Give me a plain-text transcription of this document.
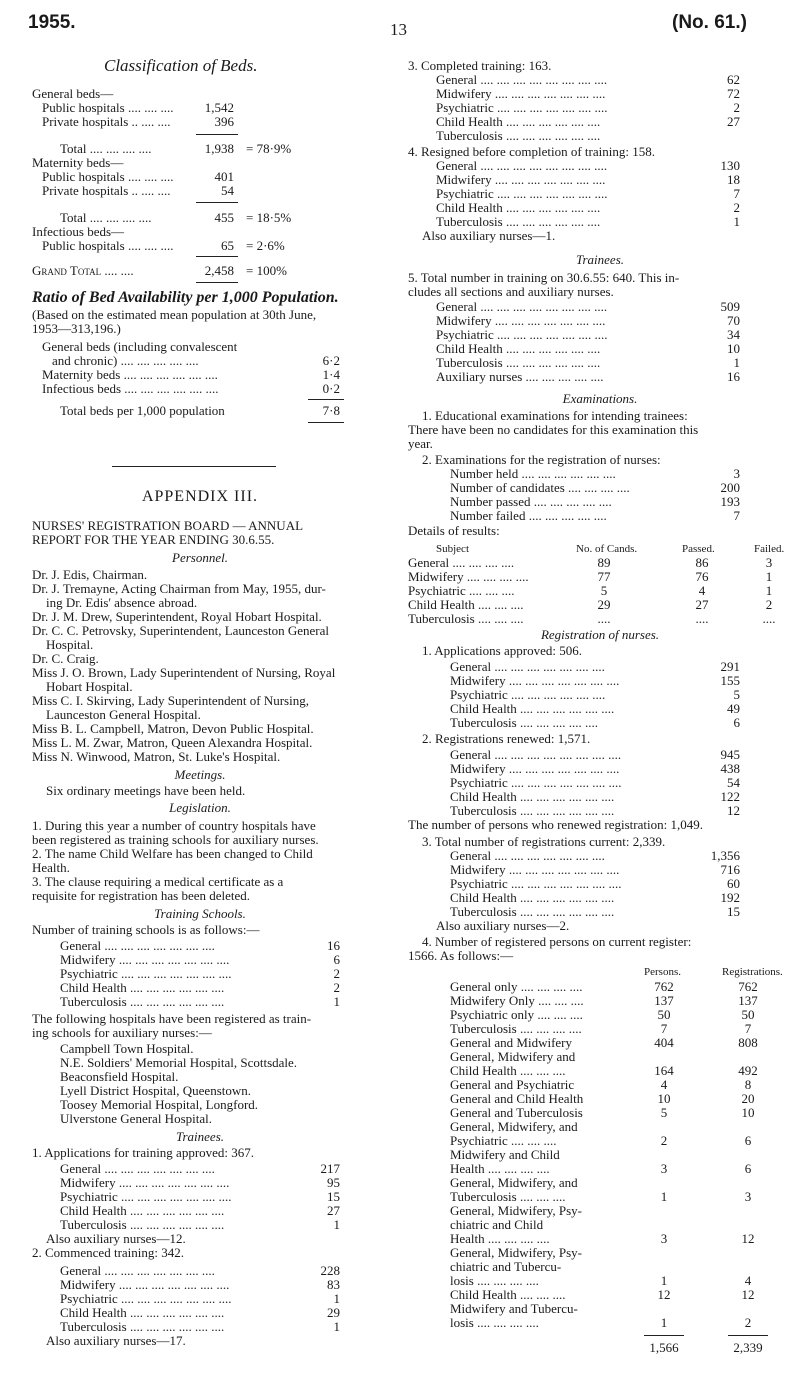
1955.	13	(No. 61.)
Classification of Beds.
General beds—
Public hospitals .... .... ....	1,542
Private hospitals .. .... ....	396
Total .... .... .... ....	1,938 = 78·9%
Maternity beds—
Public hospitals .... .... ....	401
Private hospitals .. .... ....	54
Total .... .... .... ....	455 = 18·5%
Infectious beds—
Public hospitals .... .... ....	65 = 2·6%
Grand Total .... ....	2,458 = 100%
Ratio of Bed Availability per 1,000 Population.
(Based on the estimated mean population at 30th June,
1953—313,196.)
General beds (including convalescent
and chronic) .... .... .... .... ....	6·2
Maternity beds .... .... .... .... .... ....	1·4
Infectious beds .... .... .... .... .... ....	0·2
Total beds per 1,000 population	7·8
APPENDIX III.
NURSES' REGISTRATION BOARD — ANNUAL
REPORT FOR THE YEAR ENDING 30.6.55.
Personnel.
Dr. J. Edis, Chairman.
Dr. J. Tremayne, Acting Chairman from May, 1955, dur-
ing Dr. Edis' absence abroad.
Dr. J. M. Drew, Superintendent, Royal Hobart Hospital.
Dr. C. C. Petrovsky, Superintendent, Launceston General
Hospital.
Dr. C. Craig.
Miss J. O. Brown, Lady Superintendent of Nursing, Royal
Hobart Hospital.
Miss C. I. Skirving, Lady Superintendent of Nursing,
Launceston General Hospital.
Miss B. L. Campbell, Matron, Devon Public Hospital.
Miss L. M. Zwar, Matron, Queen Alexandra Hospital.
Miss N. Winwood, Matron, St. Luke's Hospital.
Meetings.
Six ordinary meetings have been held.
Legislation.
1. During this year a number of country hospitals have
been registered as training schools for auxiliary nurses.
2. The name Child Welfare has been changed to Child
Health.
3. The clause requiring a medical certificate as a
requisite for registration has been deleted.
Training Schools.
Number of training schools is as follows:—
General .... .... .... .... .... .... ....	16
Midwifery .... .... .... .... .... .... ....	6
Psychiatric .... .... .... .... .... .... ....	2
Child Health .... .... .... .... .... ....	2
Tuberculosis .... .... .... .... .... ....	1
The following hospitals have been registered as train-
ing schools for auxiliary nurses:—
Campbell Town Hospital.
N.E. Soldiers' Memorial Hospital, Scottsdale.
Beaconsfield Hospital.
Lyell District Hospital, Queenstown.
Toosey Memorial Hospital, Longford.
Ulverstone General Hospital.
Trainees.
1. Applications for training approved: 367.
General .... .... .... .... .... .... ....	217
Midwifery .... .... .... .... .... .... ....	95
Psychiatric .... .... .... .... .... .... ....	15
Child Health .... .... .... .... .... ....	27
Tuberculosis .... .... .... .... .... ....	1
Also auxiliary nurses—12.
2. Commenced training: 342.
General .... .... .... .... .... .... ....	228
Midwifery .... .... .... .... .... .... ....	83
Psychiatric .... .... .... .... .... .... ....	1
Child Health .... .... .... .... .... ....	29
Tuberculosis .... .... .... .... .... ....	1
Also auxiliary nurses—17.
3. Completed training: 163.
General .... .... .... .... .... .... .... ....	62
Midwifery .... .... .... .... .... .... ....	72
Psychiatric .... .... .... .... .... .... ....	2
Child Health .... .... .... .... .... ....	27
Tuberculosis .... .... .... .... .... ....
4. Resigned before completion of training: 158.
General .... .... .... .... .... .... .... ....	130
Midwifery .... .... .... .... .... .... ....	18
Psychiatric .... .... .... .... .... .... ....	7
Child Health .... .... .... .... .... ....	2
Tuberculosis .... .... .... .... .... ....	1
Also auxiliary nurses—1.
Trainees.
5. Total number in training on 30.6.55: 640. This in-
cludes all sections and auxiliary nurses.
General .... .... .... .... .... .... .... ....	509
Midwifery .... .... .... .... .... .... ....	70
Psychiatric .... .... .... .... .... .... ....	34
Child Health .... .... .... .... .... ....	10
Tuberculosis .... .... .... .... .... ....	1
Auxiliary nurses .... .... .... .... ....	16
Examinations.
1. Educational examinations for intending trainees:
There have been no candidates for this examination this
year.
2. Examinations for the registration of nurses:
Number held .... .... .... .... .... ....	3
Number of candidates .... .... .... ....	200
Number passed .... .... .... .... ....	193
Number failed .... .... .... .... ....	7
Details of results:
Subject	No. of Cands.	Passed.	Failed.
General .... .... .... ....	89	86	3
Midwifery .... .... .... ....	77	76	1
Psychiatric .... .... ....	5	4	1
Child Health .... .... ....	29	27	2
Tuberculosis .... .... ....	....	....	....
Registration of nurses.
1. Applications approved: 506.
General .... .... .... .... .... .... ....	291
Midwifery .... .... .... .... .... .... ....	155
Psychiatric .... .... .... .... .... ....	5
Child Health .... .... .... .... .... ....	49
Tuberculosis .... .... .... .... ....	6
2. Registrations renewed: 1,571.
General .... .... .... .... .... .... .... ....	945
Midwifery .... .... .... .... .... .... ....	438
Psychiatric .... .... .... .... .... .... ....	54
Child Health .... .... .... .... .... ....	122
Tuberculosis .... .... .... .... .... ....	12
The number of persons who renewed registration: 1,049.
3. Total number of registrations current: 2,339.
General .... .... .... .... .... .... ....	1,356
Midwifery .... .... .... .... .... .... ....	716
Psychiatric .... .... .... .... .... .... ....	60
Child Health .... .... .... .... .... ....	192
Tuberculosis .... .... .... .... .... ....	15
Also auxiliary nurses—2.
4. Number of registered persons on current register:
1566. As follows:—
Persons.	Registrations.
General only .... .... .... ....	762	762
Midwifery Only .... .... ....	137	137
Psychiatric only .... .... ....	50	50
Tuberculosis .... .... .... ....	7	7
General and Midwifery	404	808
General, Midwifery and
Child Health .... .... ....	164	492
General and Psychiatric	4	8
General and Child Health	10	20
General and Tuberculosis	5	10
General, Midwifery, and
Psychiatric .... .... ....	2	6
Midwifery and Child
Health .... .... .... ....	3	6
General, Midwifery, and
Tuberculosis .... .... ....	1	3
General, Midwifery, Psy-
chiatric and Child
Health .... .... .... ....	3	12
General, Midwifery, Psy-
chiatric and Tubercu-
losis .... .... .... ....	1	4
Child Health .... .... ....	12	12
Midwifery and Tubercu-
losis .... .... .... ....	1	2
1,566	2,339
